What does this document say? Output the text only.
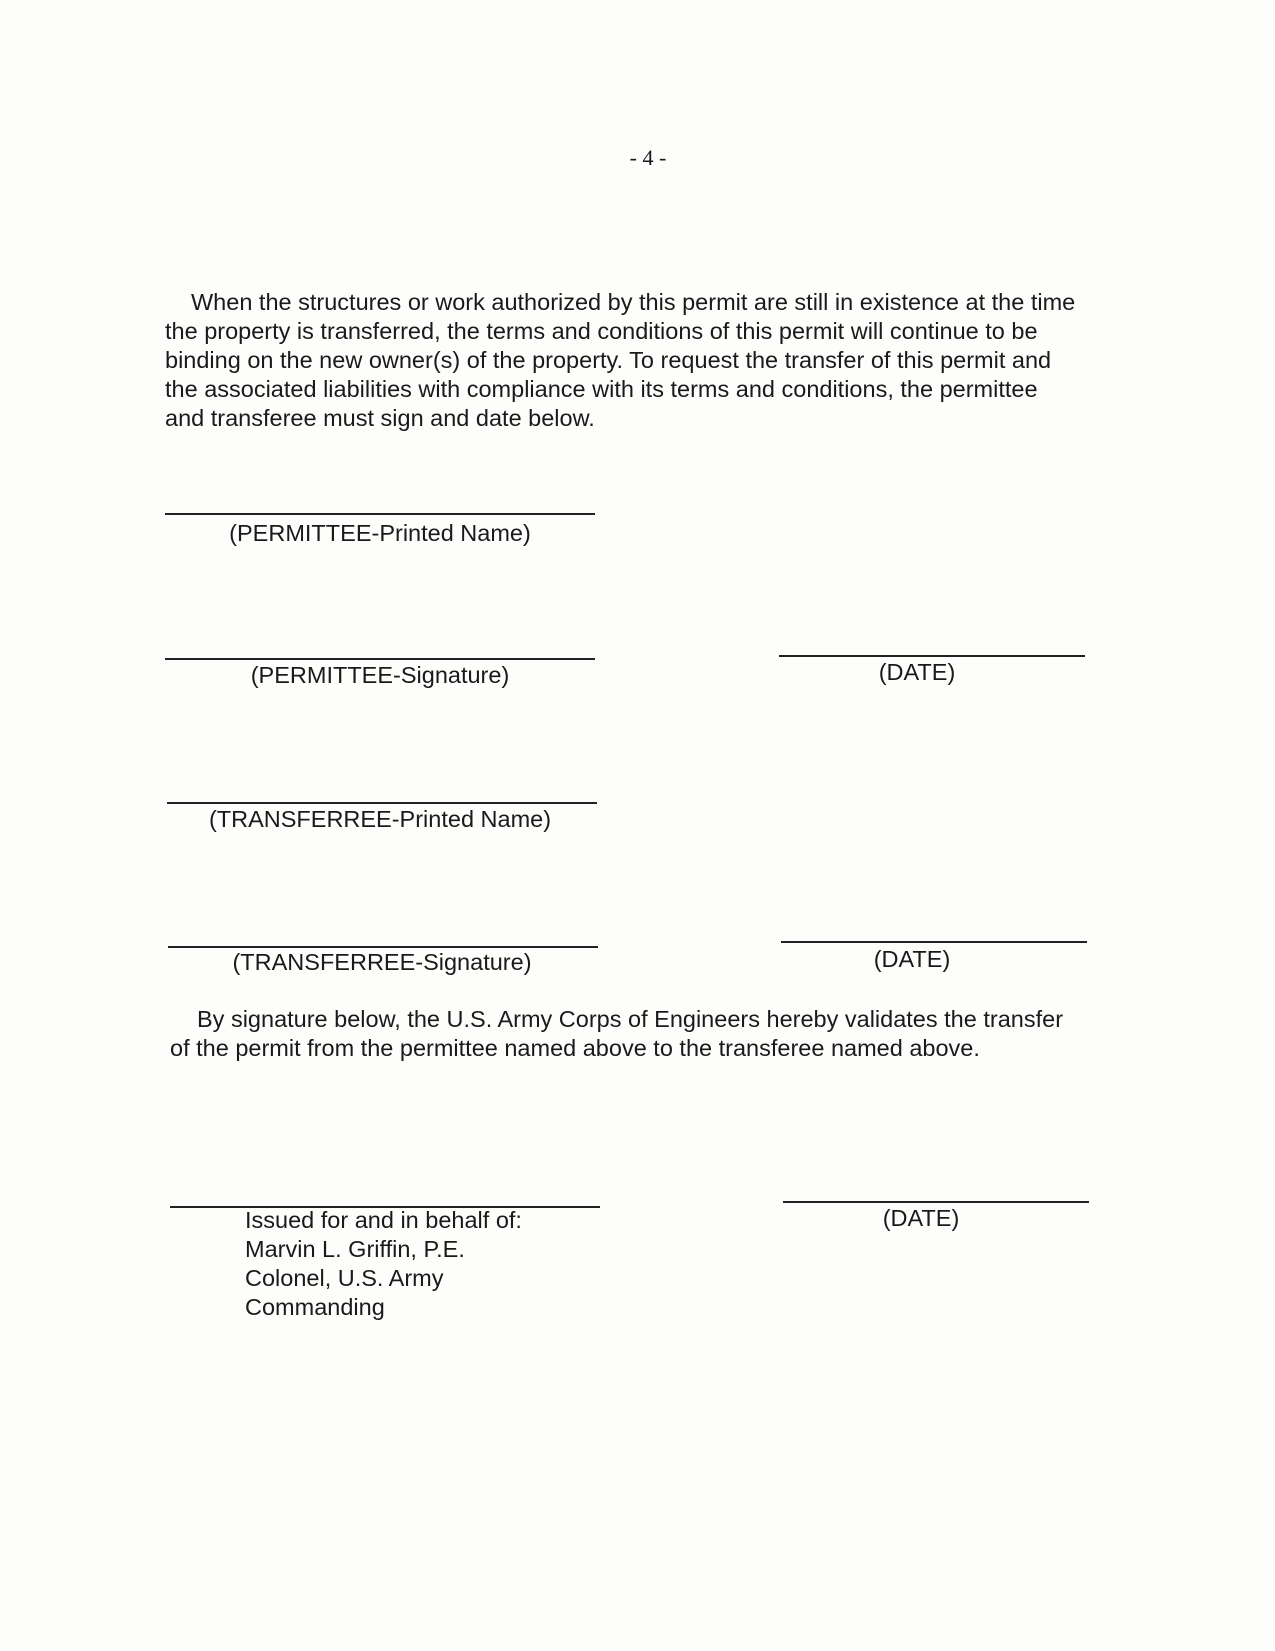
- 4 -
When the structures or work authorized by this permit are still in existence at the time
the property is transferred, the terms and conditions of this permit will continue to be
binding on the new owner(s) of the property. To request the transfer of this permit and
the associated liabilities with compliance with its terms and conditions, the permittee
and transferee must sign and date below.
(PERMITTEE-Printed Name)
(PERMITTEE-Signature)	(DATE)
(TRANSFERREE-Printed Name)
(TRANSFERREE-Signature)	(DATE)
By signature below, the U.S. Army Corps of Engineers hereby validates the transfer
of the permit from the permittee named above to the transferee named above.
Issued for and in behalf of:
Marvin L. Griffin, P.E.
Colonel, U.S. Army
Commanding
(DATE)
